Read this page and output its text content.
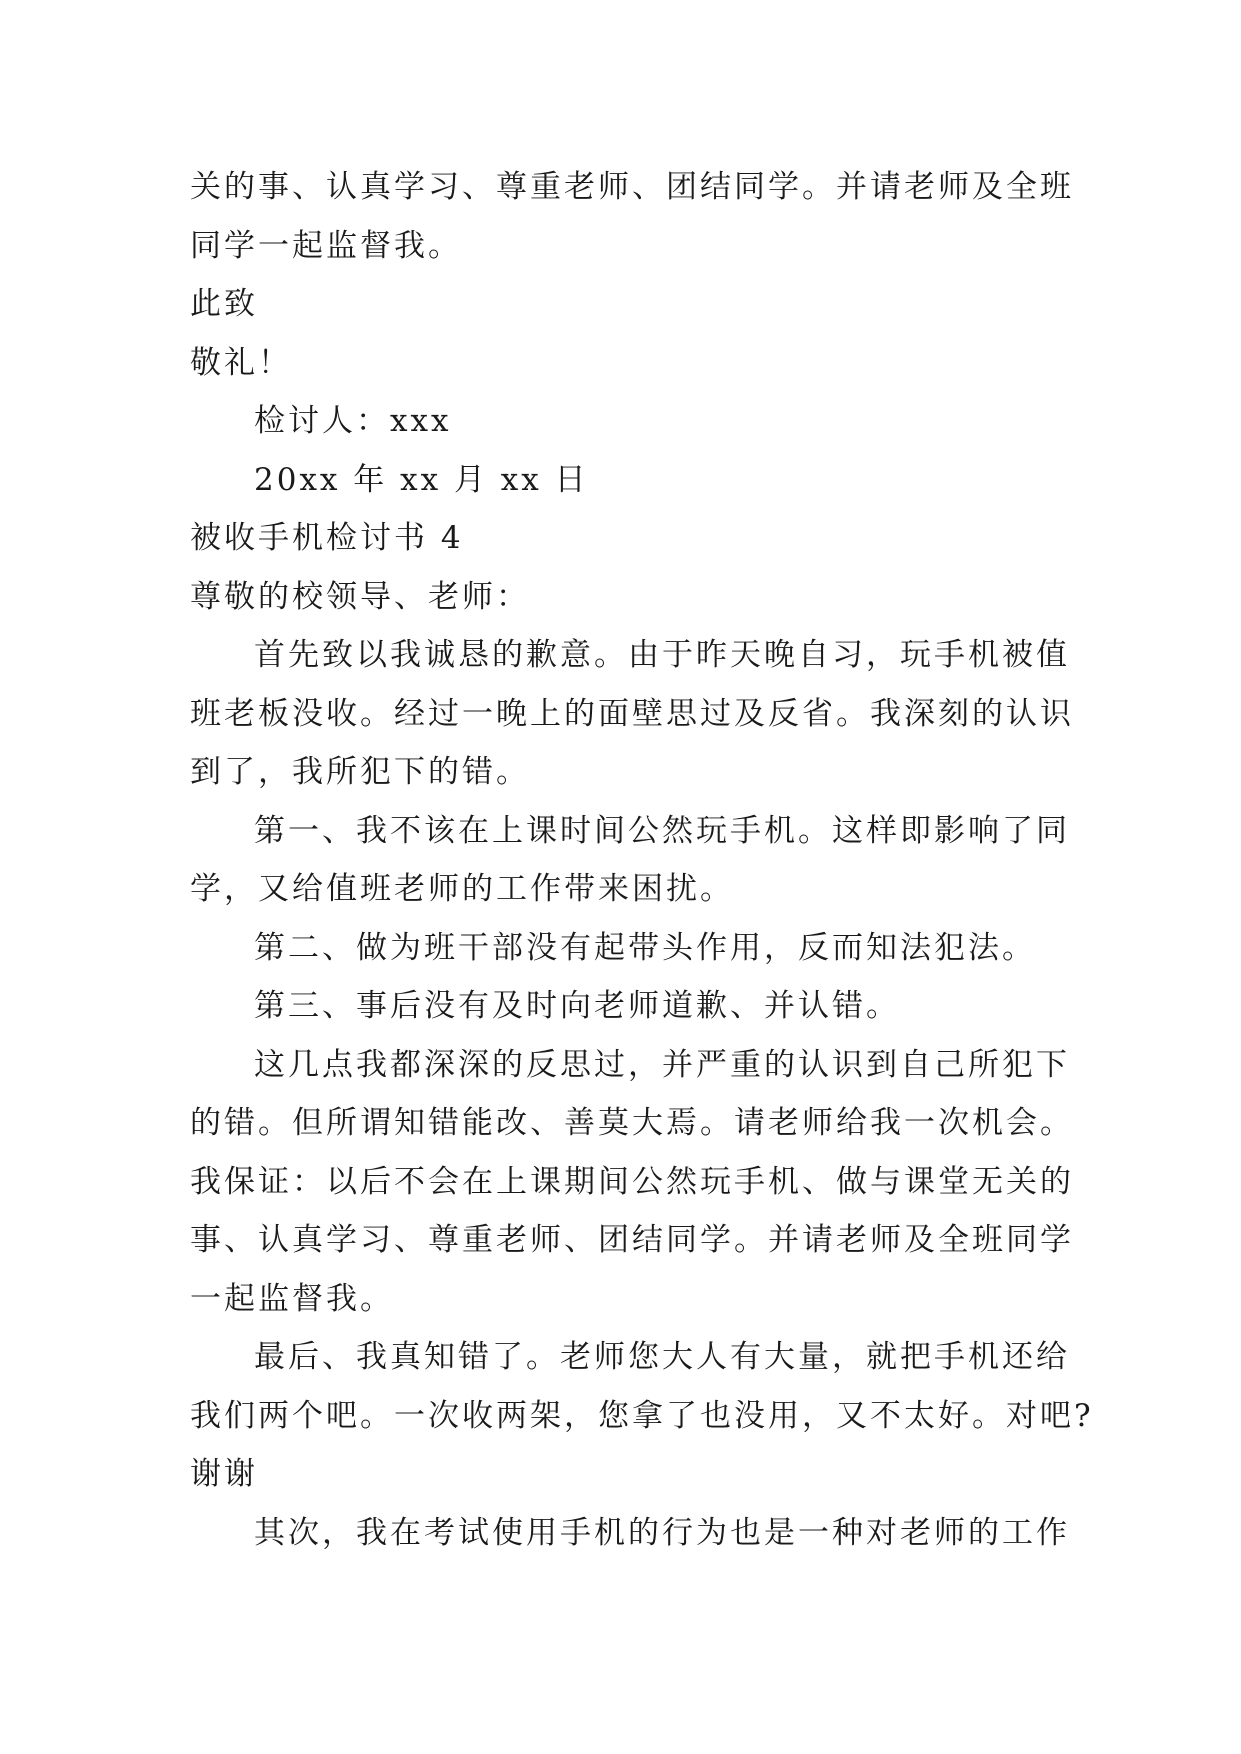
关的事、认真学习、尊重老师、团结同学。并请老师及全班
同学一起监督我。
此致
敬礼！
检讨人：xxx
20xx 年 xx 月 xx 日
被收手机检讨书 4
尊敬的校领导、老师：
首先致以我诚恳的歉意。由于昨天晚自习，玩手机被值
班老板没收。经过一晚上的面壁思过及反省。我深刻的认识
到了，我所犯下的错。
第一、我不该在上课时间公然玩手机。这样即影响了同
学，又给值班老师的工作带来困扰。
第二、做为班干部没有起带头作用，反而知法犯法。
第三、事后没有及时向老师道歉、并认错。
这几点我都深深的反思过，并严重的认识到自己所犯下
的错。但所谓知错能改、善莫大焉。请老师给我一次机会。
我保证：以后不会在上课期间公然玩手机、做与课堂无关的
事、认真学习、尊重老师、团结同学。并请老师及全班同学
一起监督我。
最后、我真知错了。老师您大人有大量，就把手机还给
我们两个吧。一次收两架，您拿了也没用，又不太好。对吧?
谢谢
其次，我在考试使用手机的行为也是一种对老师的工作
